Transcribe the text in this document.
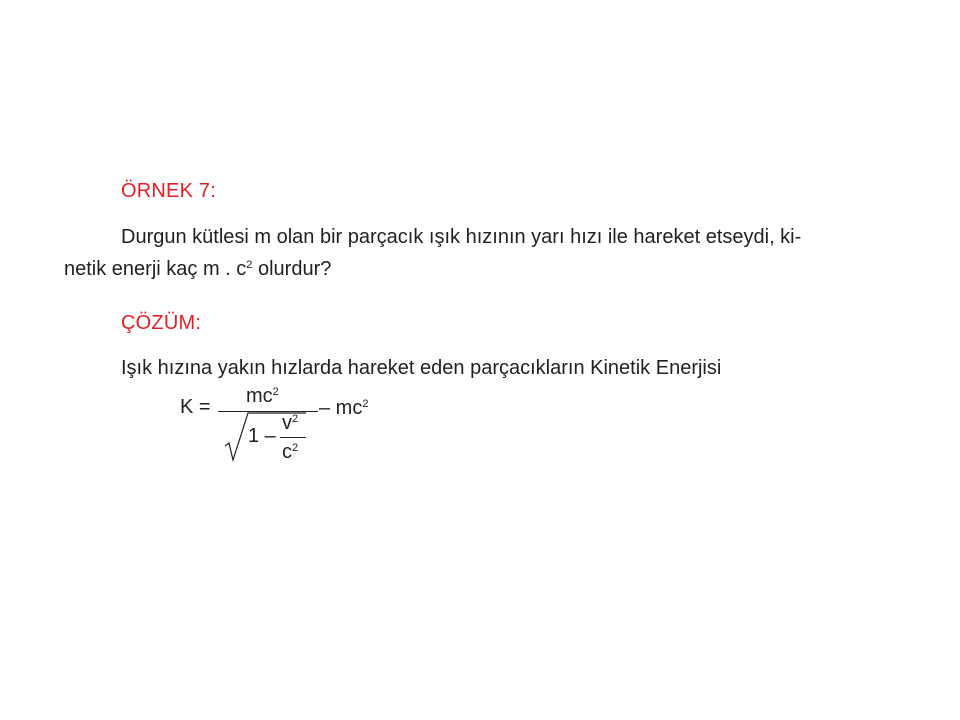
ÖRNEK 7:
Durgun kütlesi m olan bir parçacık ışık hızının yarı hızı ile hareket etseydi, ki-
netik enerji kaç m . $c^2$ olurdur?
ÇÖZÜM:
Işık hızına yakın hızlarda hareket eden parçacıkların Kinetik Enerjisi
$K = mc^2$
– $mc^2$
1 –
$v^2$
$c^2$
